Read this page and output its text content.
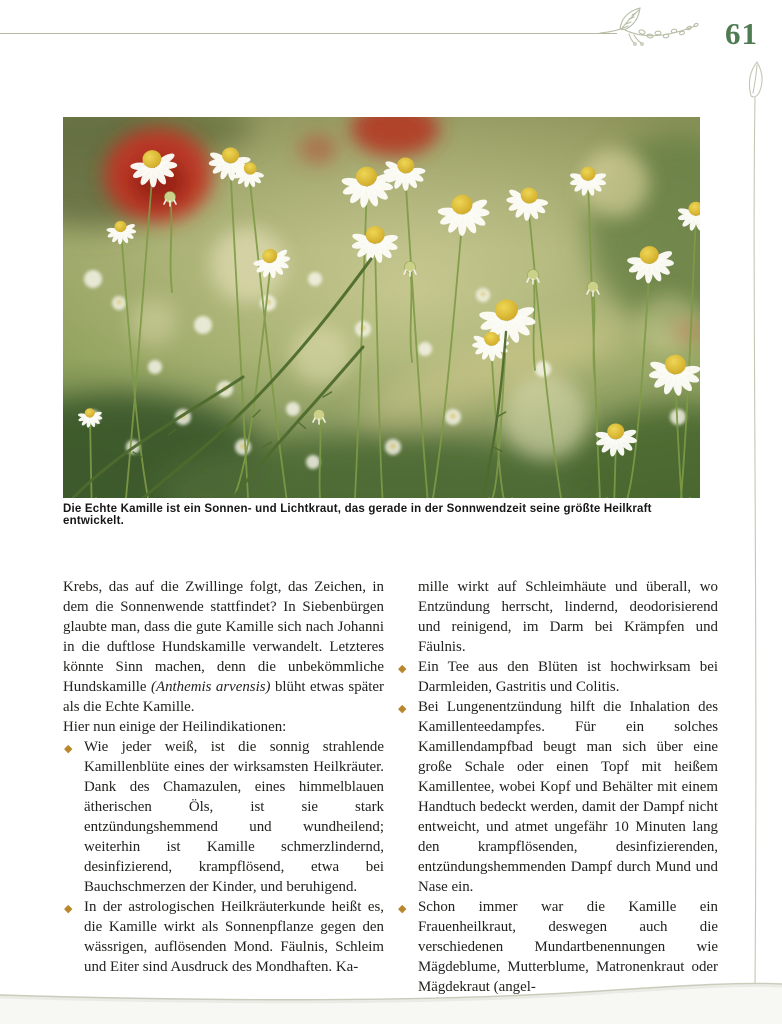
61
Die Echte Kamille ist ein Sonnen- und Lichtkraut, das gerade in der Sonnwendzeit seine größte Heilkraft entwickelt.

Krebs, das auf die Zwillinge folgt, das Zeichen, in dem die Sonnenwende stattfindet? In Siebenbürgen glaubte man, dass die gute Kamille sich nach Johanni in die duftlose Hundskamille verwandelt. Letzteres könnte Sinn machen, denn die unbekömmliche Hundskamille (Anthemis arvensis) blüht etwas später als die Echte Kamille.

Hier nun einige der Heilindikationen:

◆ Wie jeder weiß, ist die sonnig strahlende Kamillenblüte eines der wirksamsten Heilkräuter. Dank des Chamazulen, eines himmelblauen ätherischen Öls, ist sie stark entzündungshemmend und wundheilend; weiterhin ist Kamille schmerzlindernd, desinfizierend, krampflösend, etwa bei Bauchschmerzen der Kinder, und beruhigend.

◆ In der astrologischen Heilkräuterkunde heißt es, die Kamille wirkt als Sonnenpflanze gegen den wässrigen, auflösenden Mond. Fäulnis, Schleim und Eiter sind Ausdruck des Mondhaften. Ka-

mille wirkt auf Schleimhäute und überall, wo Entzündung herrscht, lindernd, deodorisierend und reinigend, im Darm bei Krämpfen und Fäulnis.

◆ Ein Tee aus den Blüten ist hochwirksam bei Darmleiden, Gastritis und Colitis.

◆ Bei Lungenentzündung hilft die Inhalation des Kamillenteedampfes. Für ein solches Kamillendampfbad beugt man sich über eine große Schale oder einen Topf mit heißem Kamillentee, wobei Kopf und Behälter mit einem Handtuch bedeckt werden, damit der Dampf nicht entweicht, und atmet ungefähr 10 Minuten lang den krampflösenden, desinfizierenden, entzündungshemmenden Dampf durch Mund und Nase ein.

◆ Schon immer war die Kamille ein Frauenheilkraut, deswegen auch die verschiedenen Mundartbenennungen wie Mägdeblume, Mutterblume, Matronenkraut oder Mägdekraut (angel-
